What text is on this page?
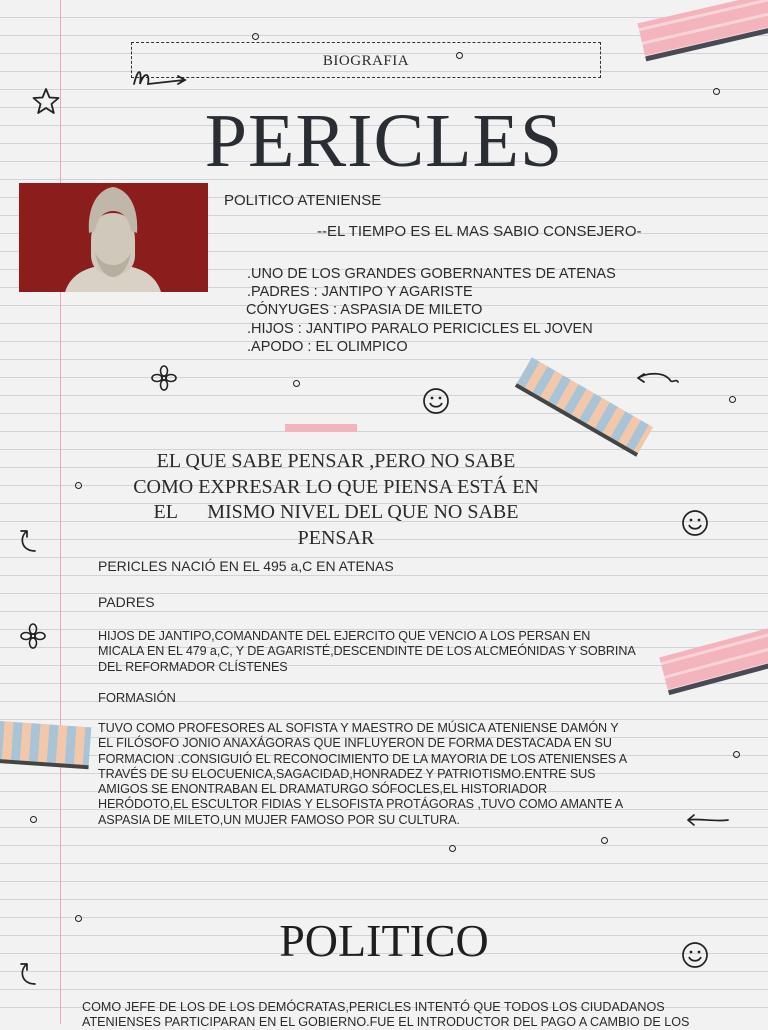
BIOGRAFIA
PERICLES
POLITICO ATENIENSE
--EL TIEMPO ES EL MAS SABIO CONSEJERO-
.UNO DE LOS GRANDES GOBERNANTES DE ATENAS
.PADRES : JANTIPO Y AGARISTE
CÓNYUGES : ASPASIA DE MILETO
.HIJOS : JANTIPO PARALO PERICICLES EL JOVEN
.APODO : EL OLIMPICO
EL QUE SABE PENSAR ,PERO NO SABE
COMO EXPRESAR LO QUE PIENSA ESTÁ EN
EL      MISMO NIVEL DEL QUE NO SABE
PENSAR
PERICLES NACIÓ EN EL 495 a,C EN ATENAS
PADRES
HIJOS DE JANTIPO,COMANDANTE DEL EJERCITO QUE VENCIO A LOS PERSAN EN
MICALA EN EL 479 a,C, Y DE AGARISTÉ,DESCENDINTE DE LOS ALCMEÓNIDAS Y SOBRINA
DEL REFORMADOR CLÍSTENES
FORMASIÓN
TUVO COMO PROFESORES AL SOFISTA Y MAESTRO DE MÚSICA ATENIENSE DAMÓN Y
EL FILÓSOFO JONIO ANAXÁGORAS QUE INFLUYERON DE FORMA DESTACADA EN SU
FORMACION .CONSIGUIÓ EL RECONOCIMIENTO DE LA MAYORIA DE LOS ATENIENSES A
TRAVÉS DE SU ELOCUENICA,SAGACIDAD,HONRADEZ Y PATRIOTISMO.ENTRE SUS
AMIGOS SE ENONTRABAN EL DRAMATURGO SÓFOCLES,EL HISTORIADOR
HERÓDOTO,EL ESCULTOR FIDIAS Y ELSOFISTA PROTÁGORAS ,TUVO COMO AMANTE A
ASPASIA DE MILETO,UN MUJER FAMOSO POR SU CULTURA.
POLITICO
COMO JEFE DE LOS DE LOS DEMÓCRATAS,PERICLES INTENTÓ QUE TODOS LOS CIUDADANOS
ATENIENSES PARTICIPARAN EN EL GOBIERNO.FUE EL INTRODUCTOR DEL PAGO A CAMBIO DE LOS
